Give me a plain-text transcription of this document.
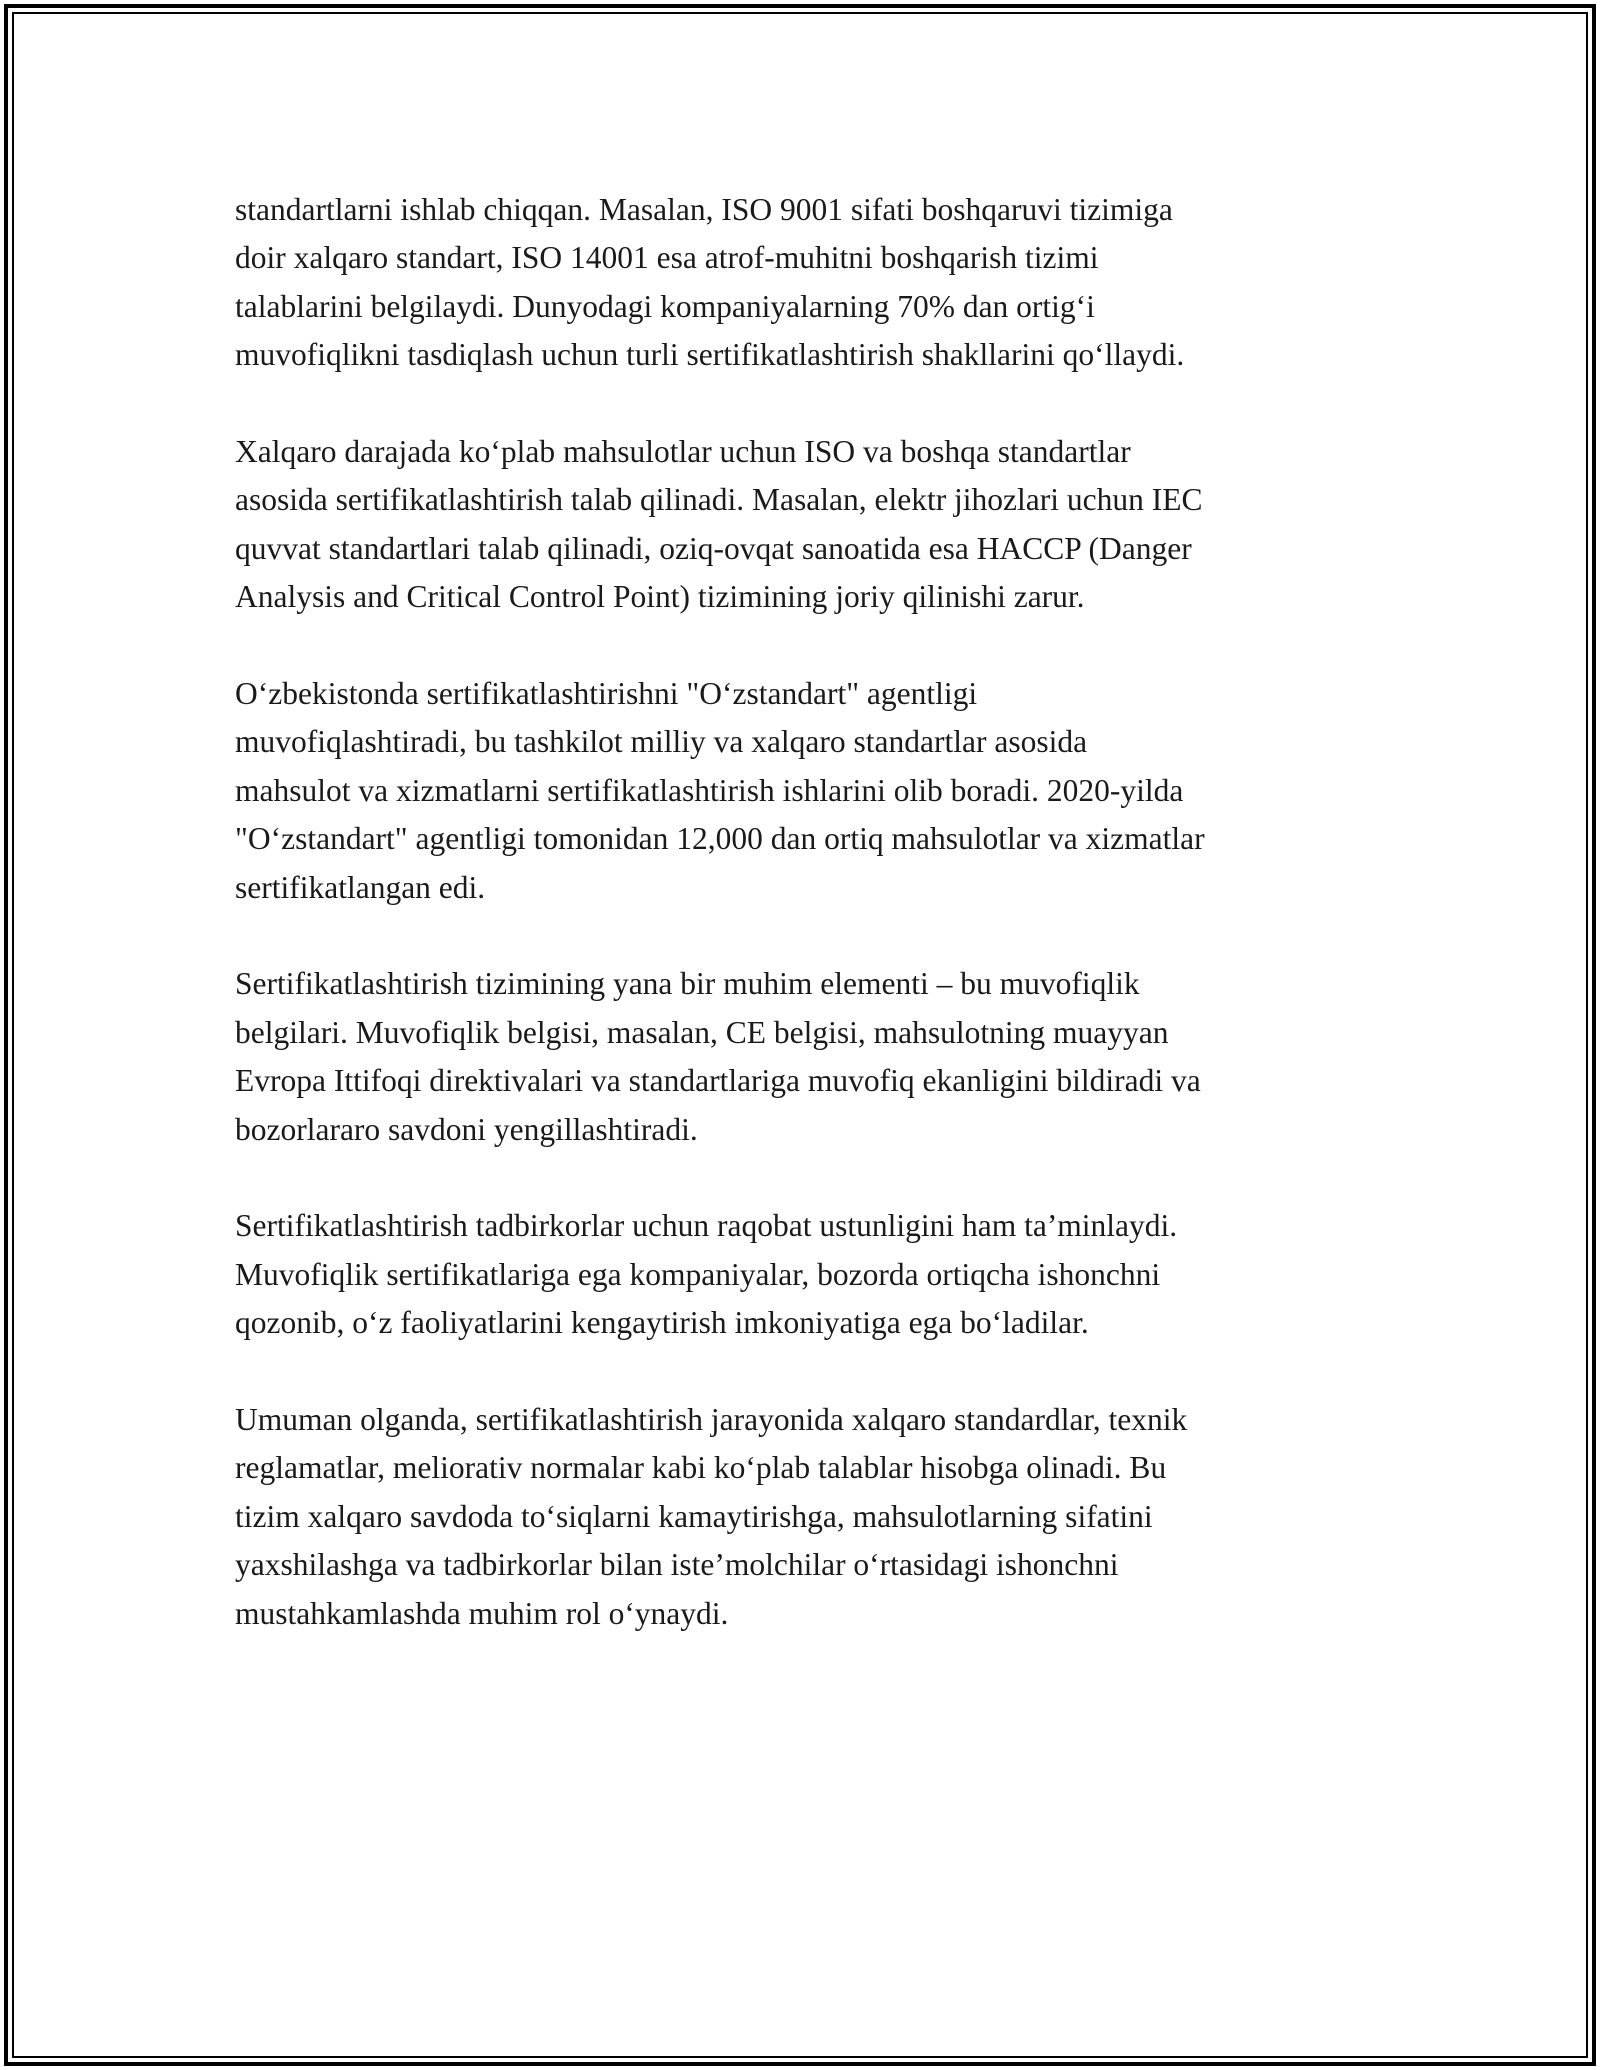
standartlarni ishlab chiqqan. Masalan, ISO 9001 sifati boshqaruvi tizimiga
doir xalqaro standart, ISO 14001 esa atrof-muhitni boshqarish tizimi
talablarini belgilaydi. Dunyodagi kompaniyalarning 70% dan ortig‘i
muvofiqlikni tasdiqlash uchun turli sertifikatlashtirish shakllarini qo‘llaydi.

Xalqaro darajada ko‘plab mahsulotlar uchun ISO va boshqa standartlar
asosida sertifikatlashtirish talab qilinadi. Masalan, elektr jihozlari uchun IEC
quvvat standartlari talab qilinadi, oziq-ovqat sanoatida esa HACCP (Danger
Analysis and Critical Control Point) tizimining joriy qilinishi zarur.

O‘zbekistonda sertifikatlashtirishni "O‘zstandart" agentligi
muvofiqlashtiradi, bu tashkilot milliy va xalqaro standartlar asosida
mahsulot va xizmatlarni sertifikatlashtirish ishlarini olib boradi. 2020-yilda
"O‘zstandart" agentligi tomonidan 12,000 dan ortiq mahsulotlar va xizmatlar
sertifikatlangan edi.

Sertifikatlashtirish tizimining yana bir muhim elementi – bu muvofiqlik
belgilari. Muvofiqlik belgisi, masalan, CE belgisi, mahsulotning muayyan
Evropa Ittifoqi direktivalari va standartlariga muvofiq ekanligini bildiradi va
bozorlararo savdoni yengillashtiradi.

Sertifikatlashtirish tadbirkorlar uchun raqobat ustunligini ham ta’minlaydi.
Muvofiqlik sertifikatlariga ega kompaniyalar, bozorda ortiqcha ishonchni
qozonib, o‘z faoliyatlarini kengaytirish imkoniyatiga ega bo‘ladilar.

Umuman olganda, sertifikatlashtirish jarayonida xalqaro standardlar, texnik
reglamatlar, meliorativ normalar kabi ko‘plab talablar hisobga olinadi. Bu
tizim xalqaro savdoda to‘siqlarni kamaytirishga, mahsulotlarning sifatini
yaxshilashga va tadbirkorlar bilan iste’molchilar o‘rtasidagi ishonchni
mustahkamlashda muhim rol o‘ynaydi.
